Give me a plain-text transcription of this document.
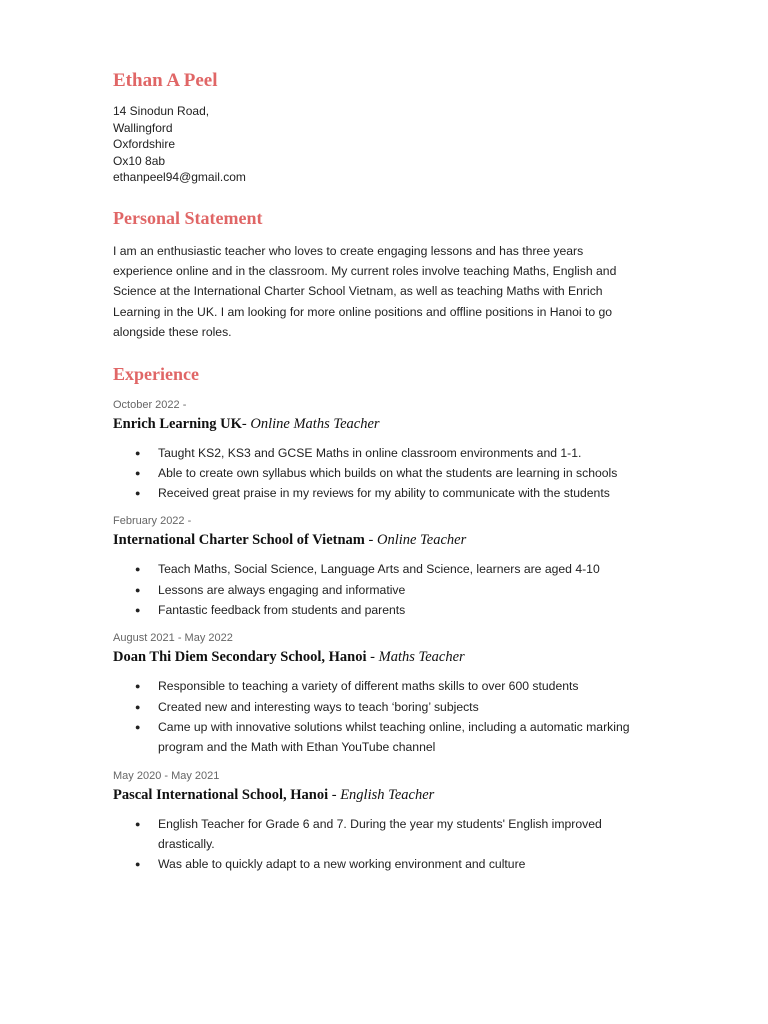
Ethan A Peel
14 Sinodun Road,
Wallingford
Oxfordshire
Ox10 8ab
ethanpeel94@gmail.com
Personal Statement

I am an enthusiastic teacher who loves to create engaging lessons and has three years experience online and in the classroom. My current roles involve teaching Maths, English and Science at the International Charter School Vietnam, as well as teaching Maths with Enrich Learning in the UK. I am looking for more online positions and offline positions in Hanoi to go alongside these roles.

Experience
October 2022 -
Enrich Learning UK- Online Maths Teacher
● Taught KS2, KS3 and GCSE Maths in online classroom environments and 1-1.
● Able to create own syllabus which builds on what the students are learning in schools
● Received great praise in my reviews for my ability to communicate with the students
February 2022 -
International Charter School of Vietnam - Online Teacher
● Teach Maths, Social Science, Language Arts and Science, learners are aged 4-10
● Lessons are always engaging and informative
● Fantastic feedback from students and parents
August 2021 - May 2022
Doan Thi Diem Secondary School, Hanoi - Maths Teacher
● Responsible to teaching a variety of different maths skills to over 600 students
● Created new and interesting ways to teach ‘boring’ subjects
● Came up with innovative solutions whilst teaching online, including a automatic marking program and the Math with Ethan YouTube channel
May 2020 - May 2021
Pascal International School, Hanoi - English Teacher
● English Teacher for Grade 6 and 7. During the year my students' English improved drastically.
● Was able to quickly adapt to a new working environment and culture
